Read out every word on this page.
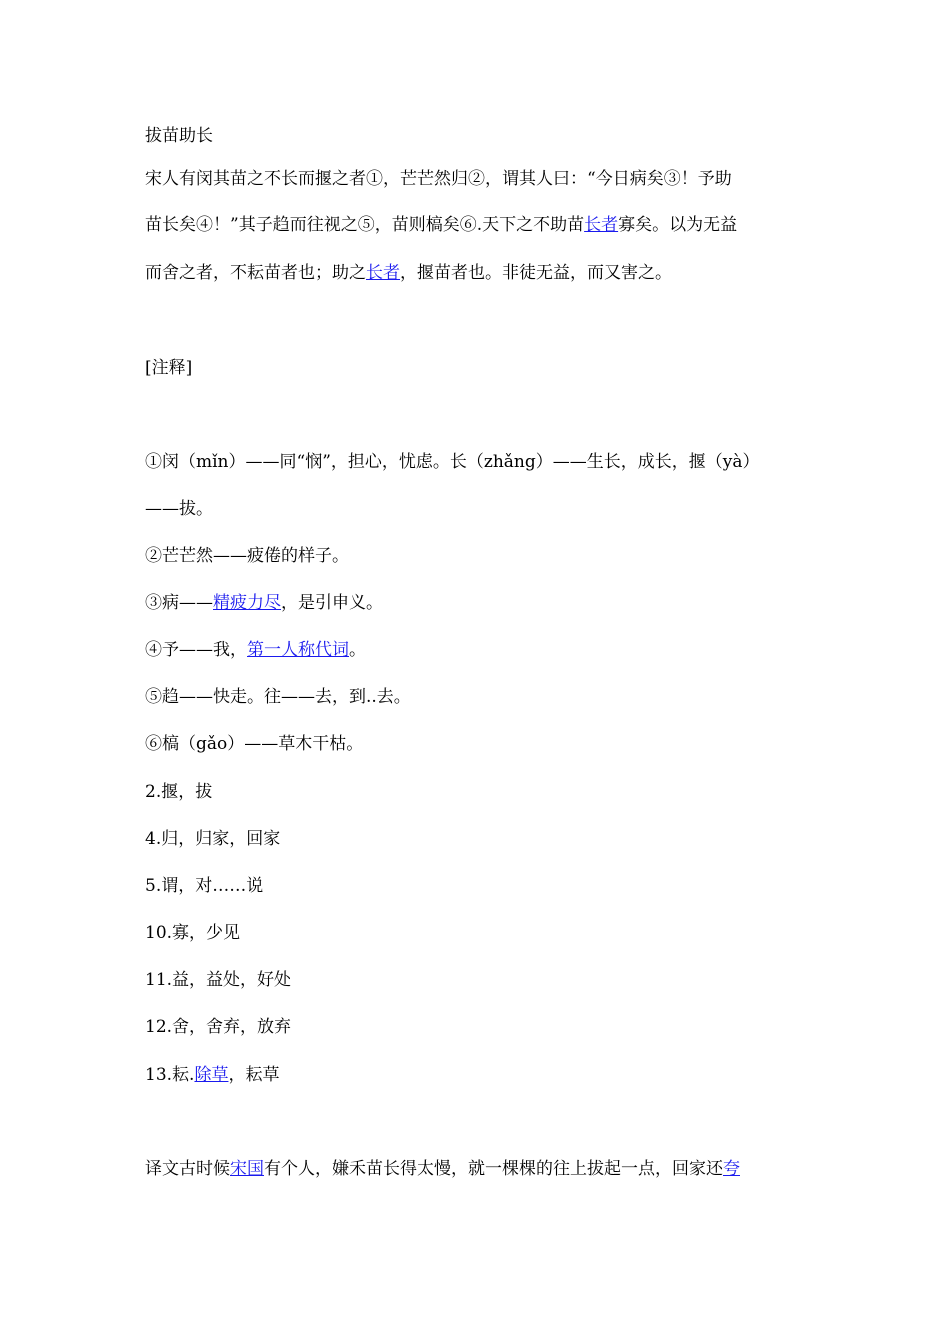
拔苗助长
宋人有闵其苗之不长而揠之者①，芒芒然归②，谓其人曰：“今日病矣③！予助
苗长矣④！”其子趋而往视之⑤，苗则槁矣⑥.天下之不助苗长者寡矣。以为无益
而舍之者，不耘苗者也；助之长者，揠苗者也。非徒无益，而又害之。
[注释]
①闵（mǐn）——同“悯”，担心，忧虑。长（zhǎng）——生长，成长，揠（yà）
——拔。
②芒芒然——疲倦的样子。
③病——精疲力尽，是引申义。
④予——我，第一人称代词。
⑤趋——快走。往——去，到..去。
⑥槁（gǎo）——草木干枯。
2.揠，拔
4.归，归家，回家
5.谓，对……说
10.寡，少见
11.益，益处，好处
12.舍，舍弃，放弃
13.耘.除草，耘草
译文古时候宋国有个人，嫌禾苗长得太慢，就一棵棵的往上拔起一点，回家还夸
